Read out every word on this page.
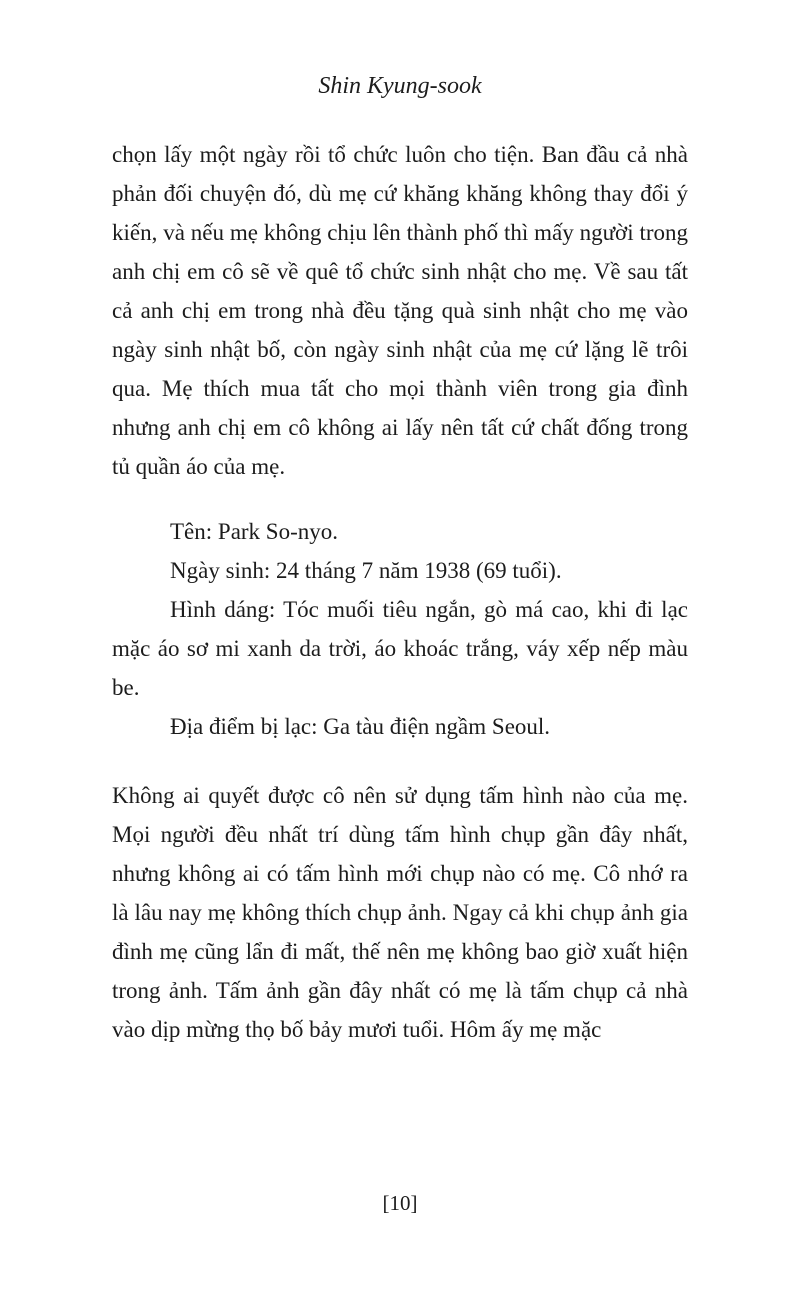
Shin Kyung-sook

chọn lấy một ngày rồi tổ chức luôn cho tiện. Ban đầu cả nhà phản đối chuyện đó, dù mẹ cứ khăng khăng không thay đổi ý kiến, và nếu mẹ không chịu lên thành phố thì mấy người trong anh chị em cô sẽ về quê tổ chức sinh nhật cho mẹ. Về sau tất cả anh chị em trong nhà đều tặng quà sinh nhật cho mẹ vào ngày sinh nhật bố, còn ngày sinh nhật của mẹ cứ lặng lẽ trôi qua. Mẹ thích mua tất cho mọi thành viên trong gia đình nhưng anh chị em cô không ai lấy nên tất cứ chất đống trong tủ quần áo của mẹ.

Tên: Park So-nyo.

Ngày sinh: 24 tháng 7 năm 1938 (69 tuổi).

Hình dáng: Tóc muối tiêu ngắn, gò má cao, khi đi lạc mặc áo sơ mi xanh da trời, áo khoác trắng, váy xếp nếp màu be.

Địa điểm bị lạc: Ga tàu điện ngầm Seoul.

Không ai quyết được cô nên sử dụng tấm hình nào của mẹ. Mọi người đều nhất trí dùng tấm hình chụp gần đây nhất, nhưng không ai có tấm hình mới chụp nào có mẹ. Cô nhớ ra là lâu nay mẹ không thích chụp ảnh. Ngay cả khi chụp ảnh gia đình mẹ cũng lẩn đi mất, thế nên mẹ không bao giờ xuất hiện trong ảnh. Tấm ảnh gần đây nhất có mẹ là tấm chụp cả nhà vào dịp mừng thọ bố bảy mươi tuổi. Hôm ấy mẹ mặc

[10]
